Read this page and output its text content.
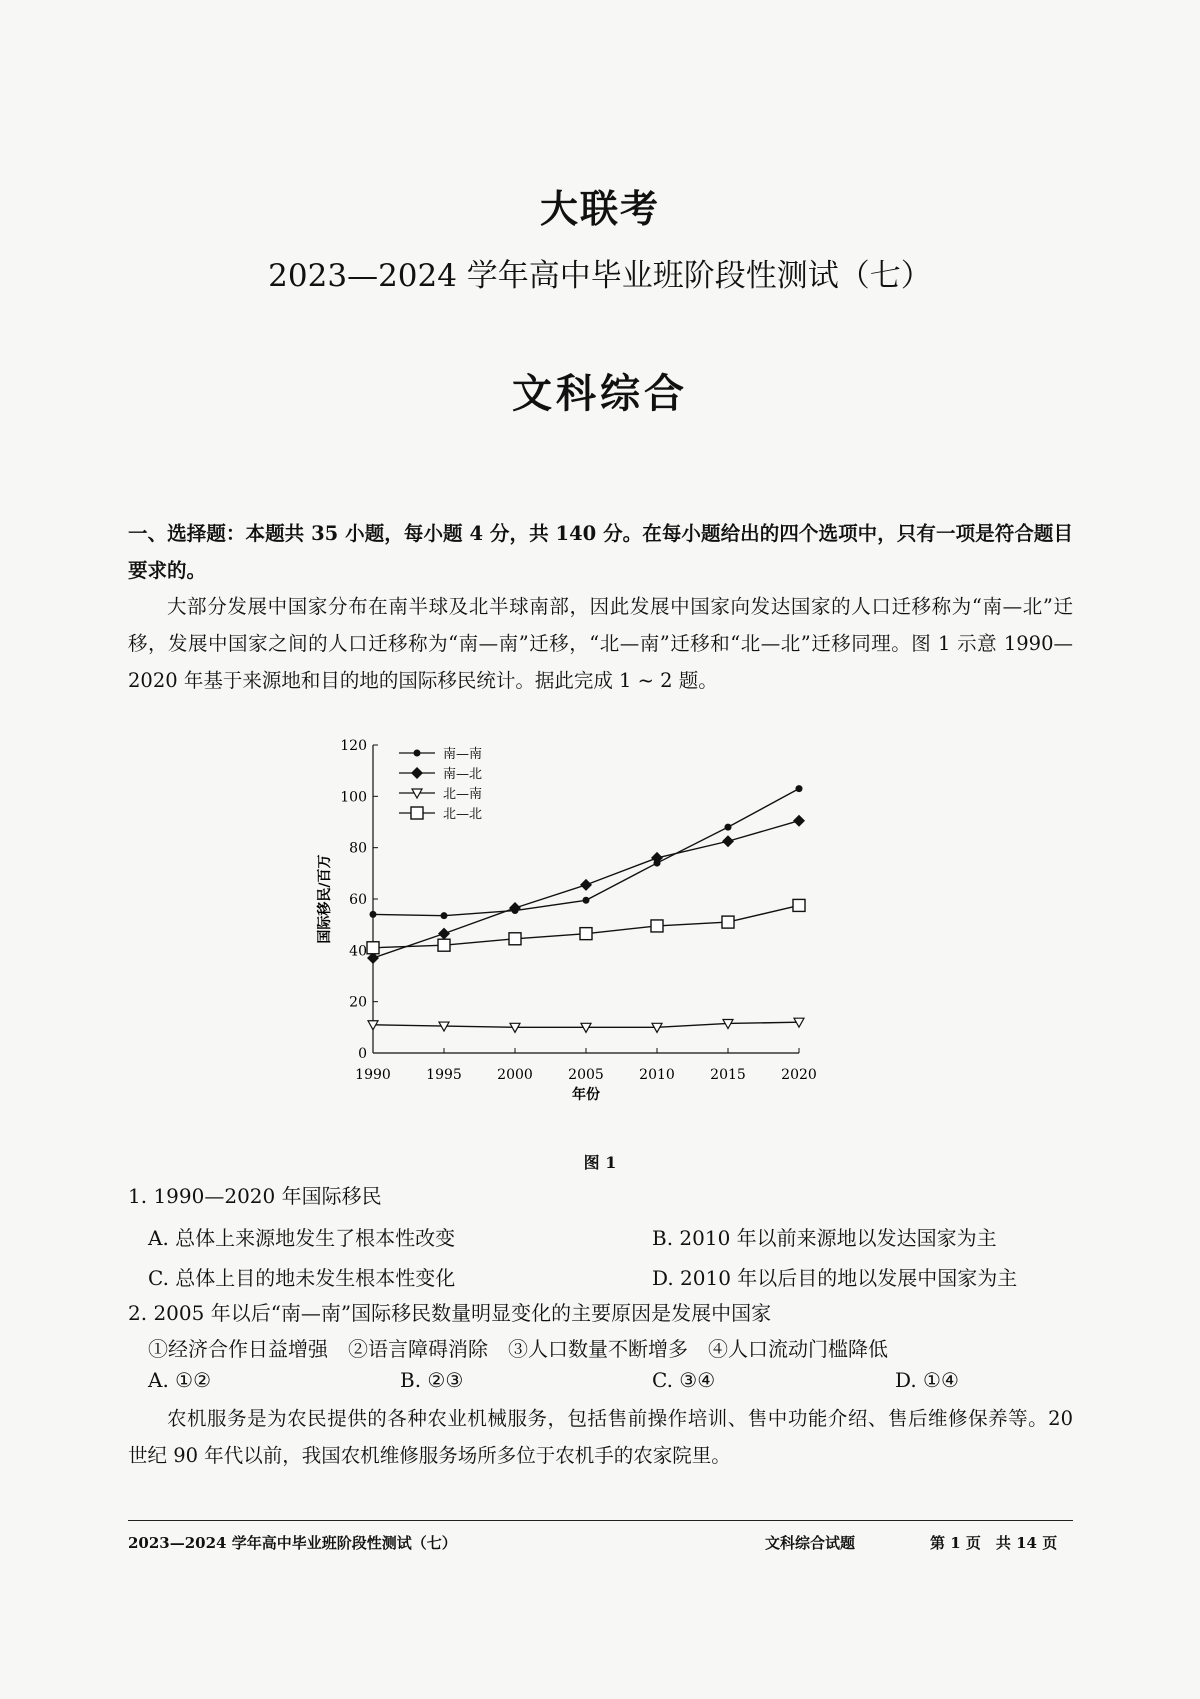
大联考
2023—2024 学年高中毕业班阶段性测试（七）
文科综合
一、选择题：本题共 35 小题，每小题 4 分，共 140 分。在每小题给出的四个选项中，只有一项是符合题目要求的。
大部分发展中国家分布在南半球及北半球南部，因此发展中国家向发达国家的人口迁移称为“南—北”迁移，发展中国家之间的人口迁移称为“南—南”迁移，“北—南”迁移和“北—北”迁移同理。图 1 示意 1990—2020 年基于来源地和目的地的国际移民统计。据此完成 1 ~ 2 题。
0
20
40
60
80
100
120
1990	1995	2000	2005	2010	2015	2020
年份
国际移民/百万
南—南
南—北
北—南
北—北
图 1
1. 1990—2020 年国际移民
A. 总体上来源地发生了根本性改变	B. 2010 年以前来源地以发达国家为主
C. 总体上目的地未发生根本性变化	D. 2010 年以后目的地以发展中国家为主
2. 2005 年以后“南—南”国际移民数量明显变化的主要原因是发展中国家
①经济合作日益增强　②语言障碍消除　③人口数量不断增多　④人口流动门槛降低
A. ①②	B. ②③	C. ③④	D. ①④
农机服务是为农民提供的各种农业机械服务，包括售前操作培训、售中功能介绍、售后维修保养等。20 世纪 90 年代以前，我国农机维修服务场所多位于农机手的农家院里。
2023—2024 学年高中毕业班阶段性测试（七）	文科综合试题	第 1 页　共 14 页
